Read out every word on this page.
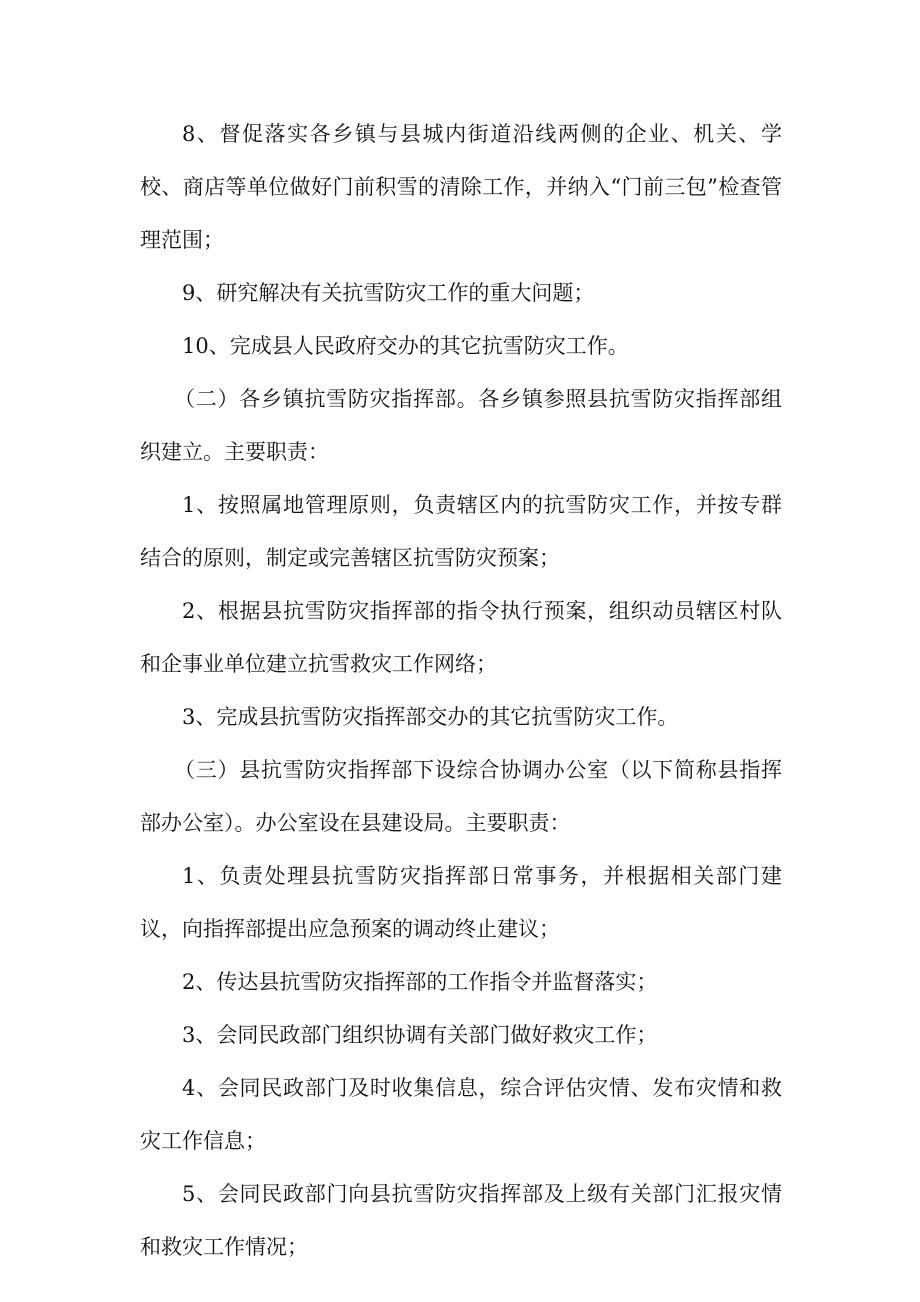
8、督促落实各乡镇与县城内街道沿线两侧的企业、机关、学校、商店等单位做好门前积雪的清除工作，并纳入“门前三包”检查管理范围；

9、研究解决有关抗雪防灾工作的重大问题；

10、完成县人民政府交办的其它抗雪防灾工作。

（二）各乡镇抗雪防灾指挥部。各乡镇参照县抗雪防灾指挥部组织建立。主要职责：

1、按照属地管理原则，负责辖区内的抗雪防灾工作，并按专群结合的原则，制定或完善辖区抗雪防灾预案；

2、根据县抗雪防灾指挥部的指令执行预案，组织动员辖区村队和企事业单位建立抗雪救灾工作网络；

3、完成县抗雪防灾指挥部交办的其它抗雪防灾工作。

（三）县抗雪防灾指挥部下设综合协调办公室（以下简称县指挥部办公室）。办公室设在县建设局。主要职责：

1、负责处理县抗雪防灾指挥部日常事务，并根据相关部门建议，向指挥部提出应急预案的调动终止建议；

2、传达县抗雪防灾指挥部的工作指令并监督落实；

3、会同民政部门组织协调有关部门做好救灾工作；

4、会同民政部门及时收集信息，综合评估灾情、发布灾情和救灾工作信息；

5、会同民政部门向县抗雪防灾指挥部及上级有关部门汇报灾情和救灾工作情况；
